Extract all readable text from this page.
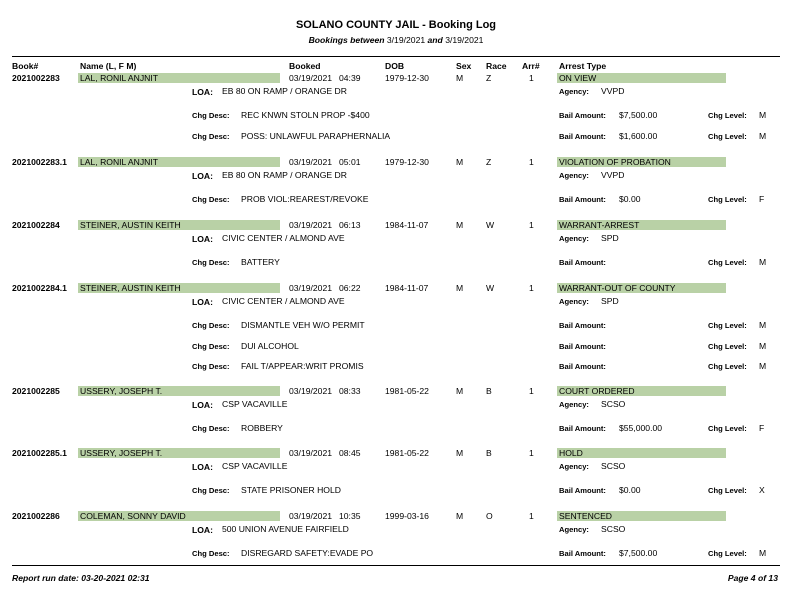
SOLANO COUNTY JAIL - Booking Log
Bookings between 3/19/2021 and 3/19/2021
Book#	Name (L, F M)	Booked	DOB	Sex Race Arr# Arrest Type
2021002283 LAL, RONIL ANJNIT	03/19/2021 04:39	1979-12-30	M	Z	1	ON VIEW
LOA: EB 80 ON RAMP / ORANGE DR	Agency: VVPD
Chg Desc: REC KNWN STOLN PROP -$400	Bail Amount: $7,500.00	Chg Level: M
Chg Desc: POSS: UNLAWFUL PARAPHERNALIA	Bail Amount: $1,600.00	Chg Level: M
2021002283.1 LAL, RONIL ANJNIT	03/19/2021 05:01	1979-12-30	M	Z	1	VIOLATION OF PROBATION
LOA: EB 80 ON RAMP / ORANGE DR	Agency: VVPD
Chg Desc: PROB VIOL:REAREST/REVOKE	Bail Amount: $0.00	Chg Level: F
2021002284 STEINER, AUSTIN KEITH	03/19/2021 06:13	1984-11-07	M	W	1	WARRANT-ARREST
LOA: CIVIC CENTER / ALMOND AVE	Agency: SPD
Chg Desc: BATTERY	Bail Amount:	Chg Level: M
2021002284.1 STEINER, AUSTIN KEITH	03/19/2021 06:22	1984-11-07	M	W	1	WARRANT-OUT OF COUNTY
LOA: CIVIC CENTER / ALMOND AVE	Agency: SPD
Chg Desc: DISMANTLE VEH W/O PERMIT	Bail Amount:	Chg Level: M
Chg Desc: DUI ALCOHOL	Bail Amount:	Chg Level: M
Chg Desc: FAIL T/APPEAR:WRIT PROMIS	Bail Amount:	Chg Level: M
2021002285 USSERY, JOSEPH T.	03/19/2021 08:33	1981-05-22	M	B	1	COURT ORDERED
LOA: CSP VACAVILLE	Agency: SCSO
Chg Desc: ROBBERY	Bail Amount: $55,000.00	Chg Level: F
2021002285.1 USSERY, JOSEPH T.	03/19/2021 08:45	1981-05-22	M	B	1	HOLD
LOA: CSP VACAVILLE	Agency: SCSO
Chg Desc: STATE PRISONER HOLD	Bail Amount: $0.00	Chg Level: X
2021002286 COLEMAN, SONNY DAVID	03/19/2021 10:35	1999-03-16	M	O	1	SENTENCED
LOA: 500 UNION AVENUE FAIRFIELD	Agency: SCSO
Chg Desc: DISREGARD SAFETY:EVADE PO	Bail Amount: $7,500.00	Chg Level: M
Report run date: 03-20-2021 02:31	Page 4 of 13
